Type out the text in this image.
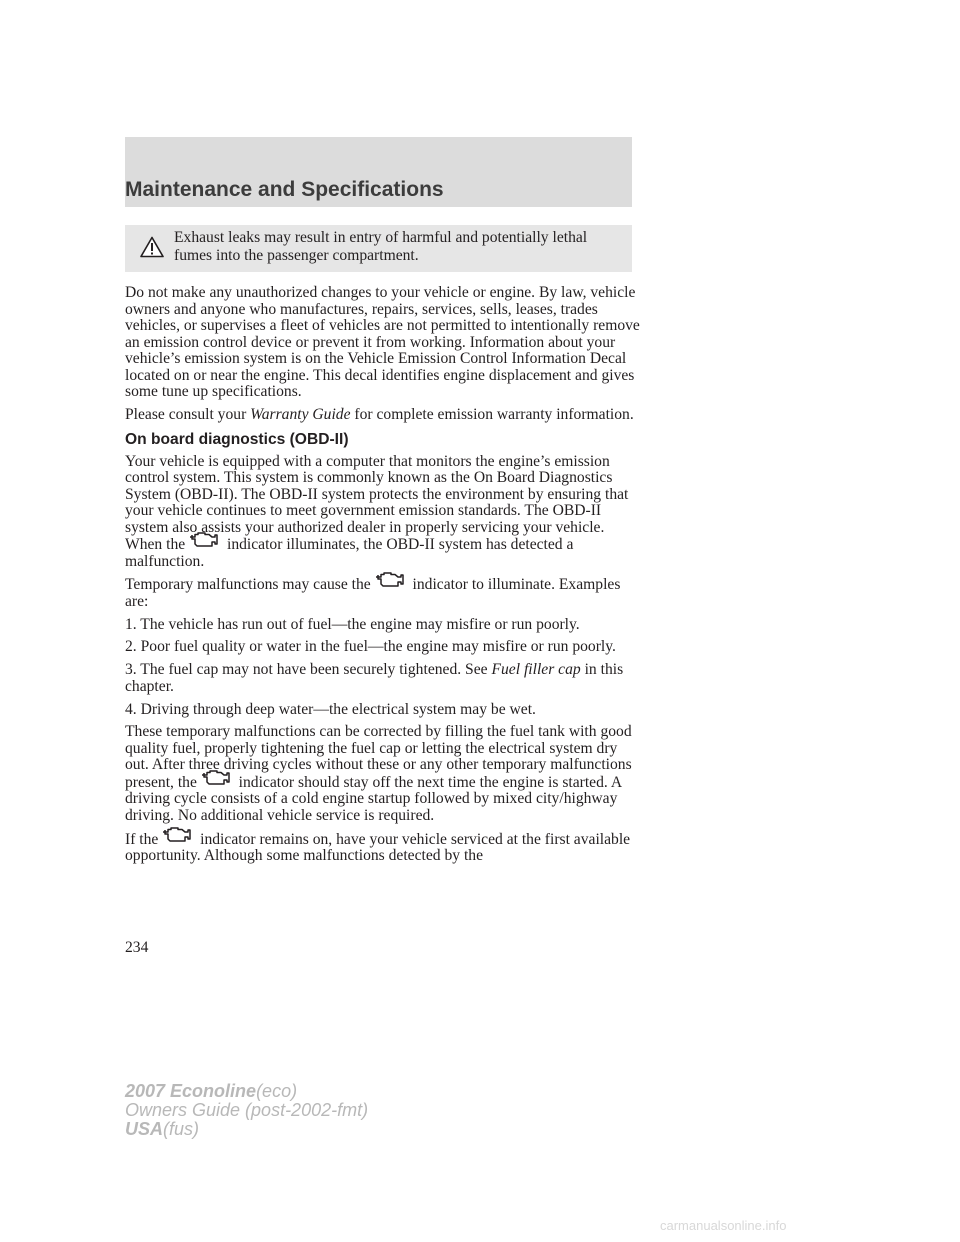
Maintenance and Specifications
Exhaust leaks may result in entry of harmful and potentially lethal fumes into the passenger compartment.

Do not make any unauthorized changes to your vehicle or engine. By law, vehicle owners and anyone who manufactures, repairs, services, sells, leases, trades vehicles, or supervises a fleet of vehicles are not permitted to intentionally remove an emission control device or prevent it from working. Information about your vehicle’s emission system is on the Vehicle Emission Control Information Decal located on or near the engine. This decal identifies engine displacement and gives some tune up specifications.

Please consult your Warranty Guide for complete emission warranty information.

On board diagnostics (OBD-II)

Your vehicle is equipped with a computer that monitors the engine’s emission control system. This system is commonly known as the On Board Diagnostics System (OBD-II). The OBD-II system protects the environment by ensuring that your vehicle continues to meet government emission standards. The OBD-II system also assists your authorized dealer in properly servicing your vehicle. When the
indicator illuminates, the OBD-II system has detected a malfunction.

Temporary malfunctions may cause the
indicator to illuminate. Examples are:

1. The vehicle has run out of fuel—the engine may misfire or run poorly.

2. Poor fuel quality or water in the fuel—the engine may misfire or run poorly.

3. The fuel cap may not have been securely tightened. See Fuel filler cap in this chapter.

4. Driving through deep water—the electrical system may be wet.

These temporary malfunctions can be corrected by filling the fuel tank with good quality fuel, properly tightening the fuel cap or letting the electrical system dry out. After three driving cycles without these or any other temporary malfunctions present, the
indicator should stay off the next time the engine is started. A driving cycle consists of a cold engine startup followed by mixed city/highway driving. No additional vehicle service is required.

If the
indicator remains on, have your vehicle serviced at the first available opportunity. Although some malfunctions detected by the

234
2007 Econoline(eco)
Owners Guide (post-2002-fmt)
USA(fus)
carmanualsonline.info
